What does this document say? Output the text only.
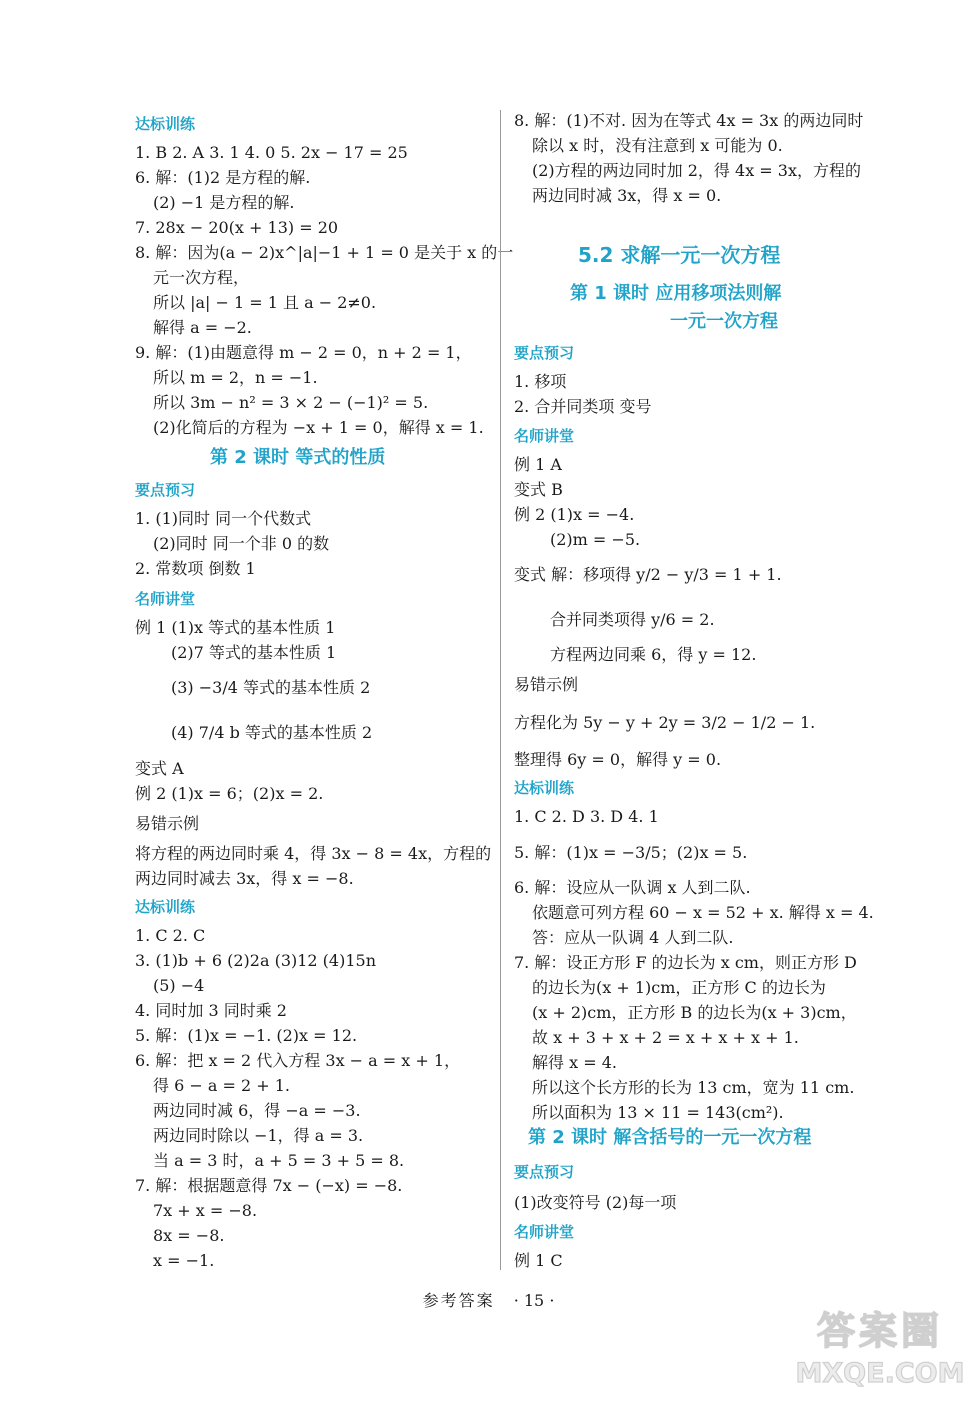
达标训练
1. B 2. A 3. 1 4. 0 5. 2x − 17 = 25
6. 解：(1)2 是方程的解.
(2) −1 是方程的解.
7. 28x − 20(x + 13) = 20
8. 解：因为(a − 2)x^|a|−1 + 1 = 0 是关于 x 的一
元一次方程，
所以 |a| − 1 = 1 且 a − 2≠0.
解得 a = −2.
9. 解：(1)由题意得 m − 2 = 0，n + 2 = 1，
所以 m = 2，n = −1.
所以 3m − n² = 3 × 2 − (−1)² = 5.
(2)化简后的方程为 −x + 1 = 0，解得 x = 1.
第 2 课时 等式的性质
要点预习
1. (1)同时 同一个代数式
(2)同时 同一个非 0 的数
2. 常数项 倒数 1
名师讲堂
例 1 (1)x 等式的基本性质 1
(2)7 等式的基本性质 1
(3) −3/4 等式的基本性质 2
(4) 7/4 b 等式的基本性质 2
变式 A
例 2 (1)x = 6；(2)x = 2.
易错示例
将方程的两边同时乘 4，得 3x − 8 = 4x，方程的
两边同时减去 3x，得 x = −8.
达标训练
1. C 2. C
3. (1)b + 6 (2)2a (3)12 (4)15n
(5) −4
4. 同时加 3 同时乘 2
5. 解：(1)x = −1. (2)x = 12.
6. 解：把 x = 2 代入方程 3x − a = x + 1，
得 6 − a = 2 + 1.
两边同时减 6，得 −a = −3.
两边同时除以 −1，得 a = 3.
当 a = 3 时，a + 5 = 3 + 5 = 8.
7. 解：根据题意得 7x − (−x) = −8.
7x + x = −8.
8x = −8.
x = −1.
8. 解：(1)不对. 因为在等式 4x = 3x 的两边同时
除以 x 时，没有注意到 x 可能为 0.
(2)方程的两边同时加 2，得 4x = 3x，方程的
两边同时减 3x，得 x = 0.
5.2 求解一元一次方程
第 1 课时 应用移项法则解
一元一次方程
要点预习
1. 移项
2. 合并同类项 变号
名师讲堂
例 1 A
变式 B
例 2 (1)x = −4.
(2)m = −5.
变式 解：移项得 y/2 − y/3 = 1 + 1.
合并同类项得 y/6 = 2.
方程两边同乘 6，得 y = 12.
易错示例
方程化为 5y − y + 2y = 3/2 − 1/2 − 1.
整理得 6y = 0，解得 y = 0.
达标训练
1. C 2. D 3. D 4. 1
5. 解：(1)x = −3/5；(2)x = 5.
6. 解：设应从一队调 x 人到二队.
依题意可列方程 60 − x = 52 + x. 解得 x = 4.
答：应从一队调 4 人到二队.
7. 解：设正方形 F 的边长为 x cm，则正方形 D
的边长为(x + 1)cm，正方形 C 的边长为
(x + 2)cm，正方形 B 的边长为(x + 3)cm，
故 x + 3 + x + 2 = x + x + x + 1.
解得 x = 4.
所以这个长方形的长为 13 cm，宽为 11 cm.
所以面积为 13 × 11 = 143(cm²).
第 2 课时 解含括号的一元一次方程
要点预习
(1)改变符号 (2)每一项
名师讲堂
例 1 C
参考答案 · 15 ·
答案圈
MXQE.COM
